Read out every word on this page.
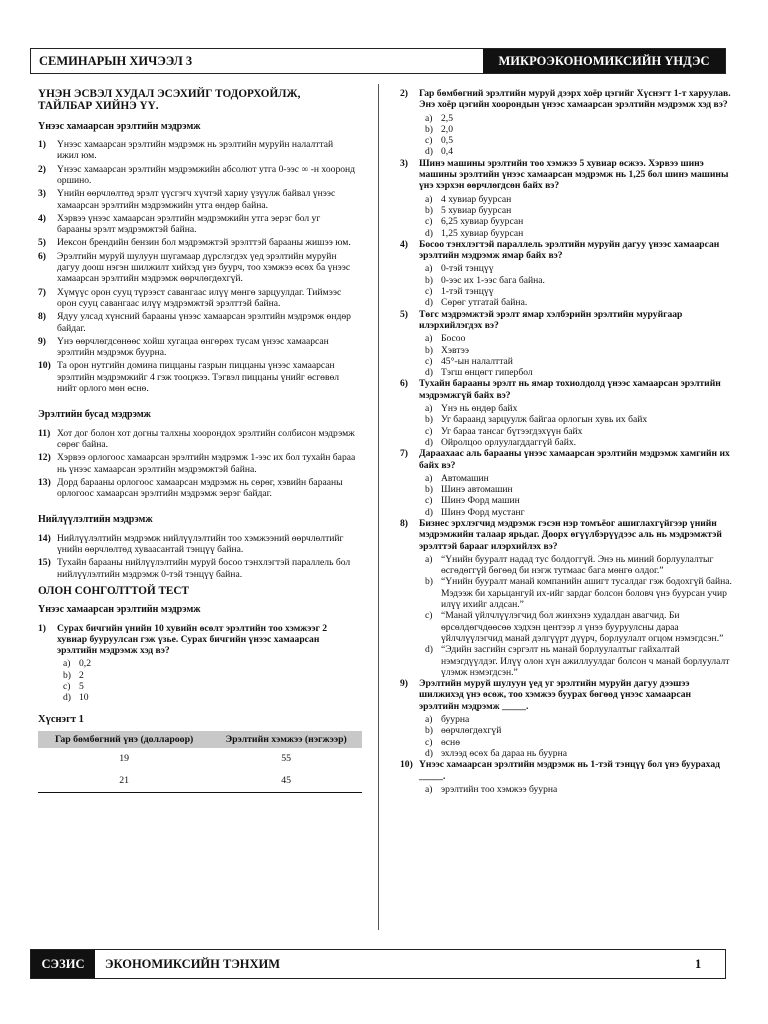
СЕМИНАРЫН ХИЧЭЭЛ 3	МИКРОЭКОНОМИКСИЙН ҮНДЭС
ҮНЭН ЭСВЭЛ ХУДАЛ ЭСЭХИЙГ ТОДОРХОЙЛЖ, ТАЙЛБАР ХИЙНЭ ҮҮ.
Үнээс хамаарсан эрэлтийн мэдрэмж
1)	Үнээс хамаарсан эрэлтийн мэдрэмж нь эрэлтийн муруйн налалттай ижил юм.
2)	Үнээс хамаарсан эрэлтийн мэдрэмжийн абсолют утга 0-ээс ∞ -н хооронд оршино.
3)	Үнийн өөрчлөлтөд эрэлт үүсгэгч хүчтэй хариу үзүүлж байвал үнээс хамаарсан эрэлтийн мэдрэмжийн утга өндөр байна.
4)	Хэрвээ үнээс хамаарсан эрэлтийн мэдрэмжийн утга эерэг бол уг барааны эрэлт мэдрэмжтэй байна.
5)	Иексон брендийн бензин бол мэдрэмжтэй эрэлттэй барааны жишээ юм.
6)	Эрэлтийн муруй шулуун шугамаар дүрслэгдэх үед эрэлтийн муруйн дагуу доош нэгэн шилжилт хийхэд үнэ буурч, тоо хэмжээ өсөх ба үнээс хамаарсан эрэлтийн мэдрэмж өөрчлөгдөхгүй.
7)	Хүмүүс орон сууц түрээст савангаас илүү мөнгө зарцуулдаг. Тиймээс орон сууц савангаас илүү мэдрэмжтэй эрэлттэй байна.
8)	Ядуу улсад хүнсний барааны үнээс хамаарсан эрэлтийн мэдрэмж өндөр байдаг.
9)	Үнэ өөрчлөгдсөнөөс хойш хугацаа өнгөрөх тусам үнээс хамаарсан эрэлтийн мэдрэмж буурна.
10) Та орон нутгийн домина пиццаны газрын пиццаны үнээс хамаарсан эрэлтийн мэдрэмжийг 4 гэж тооцжээ. Тэгвэл пиццаны үнийг өсгөвөл нийт орлого мөн өснө.
Эрэлтийн бусад мэдрэмж
11) Хот дог болон хот догны талхны хоорондох эрэлтийн солбисон мэдрэмж сөрөг байна.
12) Хэрвээ орлогоос хамаарсан эрэлтийн мэдрэмж 1-ээс их бол тухайн бараа нь үнээс хамаарсан эрэлтийн мэдрэмжтэй байна.
13) Дорд барааны орлогоос хамаарсан мэдрэмж нь сөрөг, хэвийн барааны орлогоос хамаарсан эрэлтийн мэдрэмж эерэг байдаг.
Нийлүүлэлтийн мэдрэмж
14) Нийлүүлэлтийн мэдрэмж нийлүүлэлтийн тоо хэмжээний өөрчлөлтийг үнийн өөрчлөлтөд хуваасантай тэнцүү байна.
15) Тухайн барааны нийлүүлэлтийн муруй босоо тэнхлэгтэй параллель бол нийлүүлэлтийн мэдрэмж 0-тэй тэнцүү байна.
ОЛОН СОНГОЛТТОЙ ТЕСТ
Үнээс хамаарсан эрэлтийн мэдрэмж
1)	Сурах бичгийн үнийн 10 хувийн өсөлт эрэлтийн тоо хэмжээг 2 хувиар бууруулсан гэж үзье. Сурах бичгийн үнээс хамаарсан эрэлтийн мэдрэмж хэд вэ?
a) 0,2
b) 2
c) 5
d) 10
Хүснэгт 1
Гар бөмбөгний үнэ (доллароор)	Эрэлтийн хэмжээ (нэгжээр)
19	55
21	45
2)	Гар бөмбөгний эрэлтийн муруй дээрх хоёр цэгийг Хүснэгт 1-т харуулав. Энэ хоёр цэгийн хоорондын үнээс хамаарсан эрэлтийн мэдрэмж хэд вэ?
a) 2,5
b) 2,0
c) 0,5
d) 0,4
3)	Шинэ машины эрэлтийн тоо хэмжээ 5 хувиар өсжээ. Хэрвээ шинэ машины эрэлтийн үнээс хамаарсан мэдрэмж нь 1,25 бол шинэ машины үнэ хэрхэн өөрчлөгдсөн байх вэ?
a) 4 хувиар буурсан
b) 5 хувиар буурсан
c) 6,25 хувиар буурсан
d) 1,25 хувиар буурсан
4)	Босоо тэнхлэгтэй параллель эрэлтийн муруйн дагуу үнээс хамаарсан эрэлтийн мэдрэмж ямар байх вэ?
a) 0-тэй тэнцүү
b) 0-ээс их 1-ээс бага байна.
c) 1-тэй тэнцүү
d) Сөрөг утгатай байна.
5)	Төгс мэдрэмжтэй эрэлт ямар хэлбэрийн эрэлтийн муруйгаар илэрхийлэгдэх вэ?
a) Босоо
b) Хэвтээ
c) 45°-ын налалттай
d) Тэгш өнцөгт гипербол
6)	Тухайн барааны эрэлт нь ямар тохиолдолд үнээс хамаарсан эрэлтийн мэдрэмжгүй байх вэ?
a) Үнэ нь өндөр байх
b) Уг бараанд зарцуулж байгаа орлогын хувь их байх
c) Уг бараа тансаг бүтээгдэхүүн байх
d) Ойролцоо орлуулагддаггүй байх.
7)	Дараахаас аль барааны үнээс хамаарсан эрэлтийн мэдрэмж хамгийн их байх вэ?
a) Автомашин
b) Шинэ автомашин
c) Шинэ Форд машин
d) Шинэ Форд мустанг
8)	Бизнес эрхлэгчид мэдрэмж гэсэн нэр томъёог ашиглахгүйгээр үнийн мэдрэмжийн талаар ярьдаг. Доорх өгүүлбэрүүдээс аль нь мэдрэмжтэй эрэлттэй барааг илэрхийлэх вэ?
a) “Үнийн бууралт надад тус болдоггүй. Энэ нь миний борлуулалтыг өсгөдөггүй бөгөөд би нэгж тутмаас бага мөнгө олдог.”
b) “Үнийн бууралт манай компанийн ашигт тусалдаг гэж бодохгүй байна. Мэдээж би харьцангуй их-ийг зардаг болсон боловч үнэ буурсан учир илүү ихийг алдсан.”
c) “Манай үйлчлүүлэгчид бол жинхэнэ худалдан авагчид. Би өрсөлдөгчдөөсөө хэдхэн центээр л үнээ бууруулсны дараа үйлчлүүлэгчид манай дэлгүүрт дүүрч, борлуулалт огцом нэмэгдсэн.”
d) “Эдийн засгийн сэргэлт нь манай борлуулалтыг гайхалтай нэмэгдүүлдэг. Илүү олон хүн ажиллуулдаг болсон ч манай борлуулалт үлэмж нэмэгдсэн.”
9)	Эрэлтийн муруй шулуун үед уг эрэлтийн муруйн дагуу дээшээ шилжихэд үнэ өсөж, тоо хэмжээ буурах бөгөөд үнээс хамаарсан эрэлтийн мэдрэмж _____.
a) буурна
b) өөрчлөгдөхгүй
c) өснө
d) эхлээд өсөх ба дараа нь буурна
10) Үнээс хамаарсан эрэлтийн мэдрэмж нь 1-тэй тэнцүү бол үнэ буурахад _____.
a) эрэлтийн тоо хэмжээ буурна
СЭЗИС	ЭКОНОМИКСИЙН ТЭНХИМ	1
